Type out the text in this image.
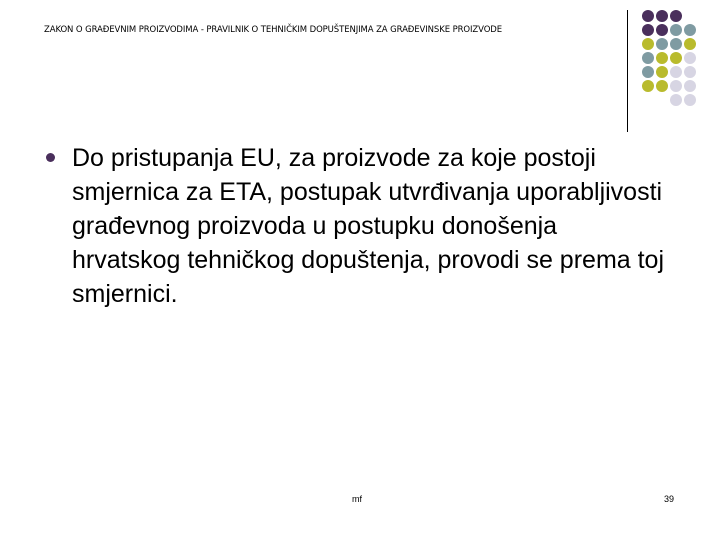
ZAKON O GRAĐEVNIM PROIZVODIMA - PRAVILNIK O TEHNIČKIM DOPUŠTENJIMA ZA GRAĐEVINSKE PROIZVODE
Do pristupanja EU, za proizvode za koje postoji smjernica za ETA, postupak utvrđivanja uporabljivosti građevnog proizvoda u postupku donošenja hrvatskog tehničkog dopuštenja, provodi se prema toj smjernici.
mf	39
